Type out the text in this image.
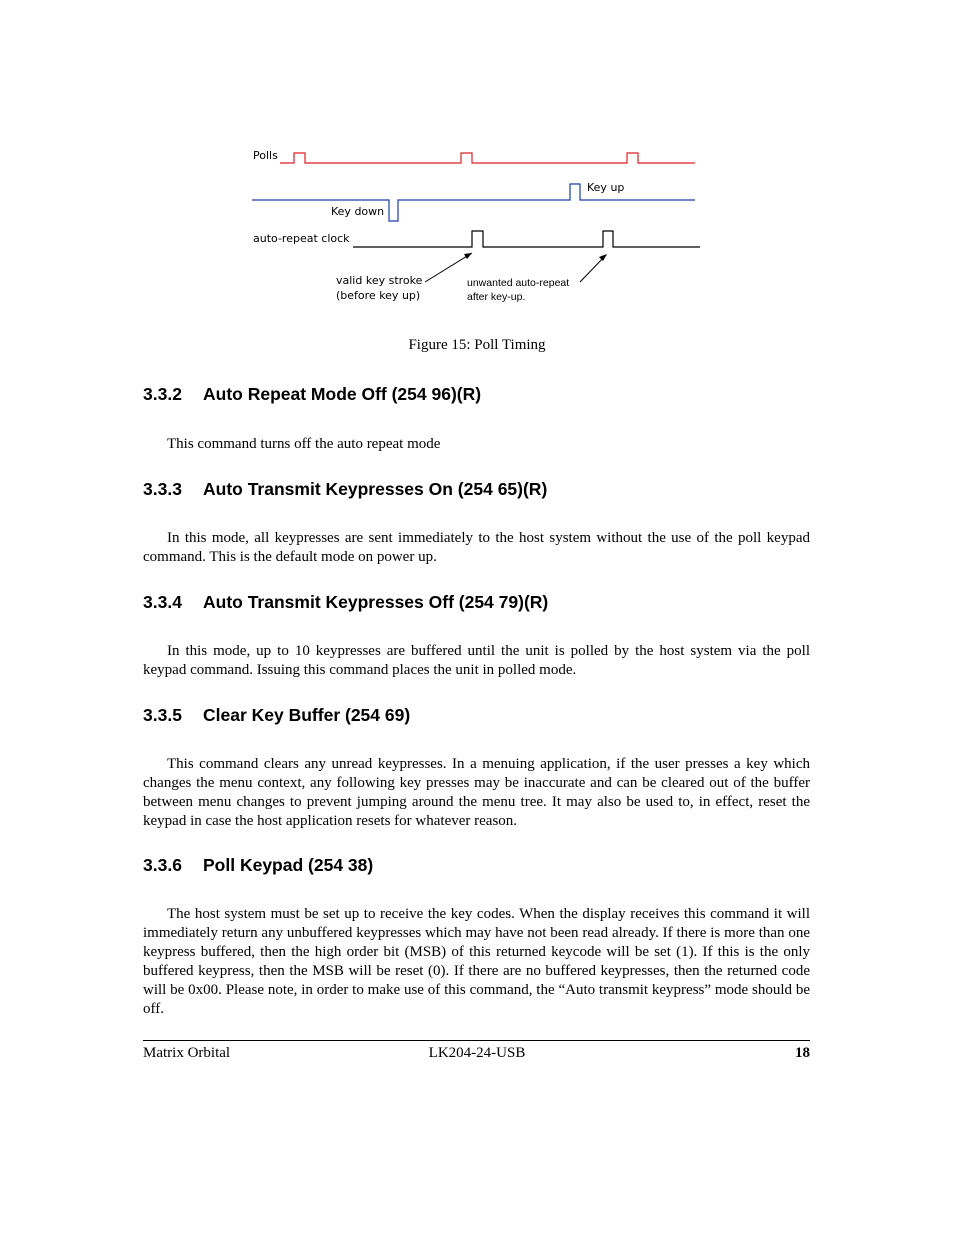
Polls
Key up
Key down
auto-repeat clock
valid key stroke
(before key up)
unwanted auto-repeat
after key-up.
Figure 15: Poll Timing
3.3.2 Auto Repeat Mode Off (254 96)(R)
This command turns off the auto repeat mode
3.3.3 Auto Transmit Keypresses On (254 65)(R)
In this mode, all keypresses are sent immediately to the host system without the use of the poll keypad command. This is the default mode on power up.
3.3.4 Auto Transmit Keypresses Off (254 79)(R)
In this mode, up to 10 keypresses are buffered until the unit is polled by the host system via the poll keypad command. Issuing this command places the unit in polled mode.
3.3.5 Clear Key Buffer (254 69)
This command clears any unread keypresses. In a menuing application, if the user presses a key which changes the menu context, any following key presses may be inaccurate and can be cleared out of the buffer between menu changes to prevent jumping around the menu tree. It may also be used to, in effect, reset the keypad in case the host application resets for whatever reason.
3.3.6 Poll Keypad (254 38)
The host system must be set up to receive the key codes. When the display receives this command it will immediately return any unbuffered keypresses which may have not been read already. If there is more than one keypress buffered, then the high order bit (MSB) of this returned keycode will be set (1). If this is the only buffered keypress, then the MSB will be reset (0). If there are no buffered keypresses, then the returned code will be 0x00. Please note, in order to make use of this command, the “Auto transmit keypress” mode should be off.
Matrix Orbital	LK204-24-USB	18
